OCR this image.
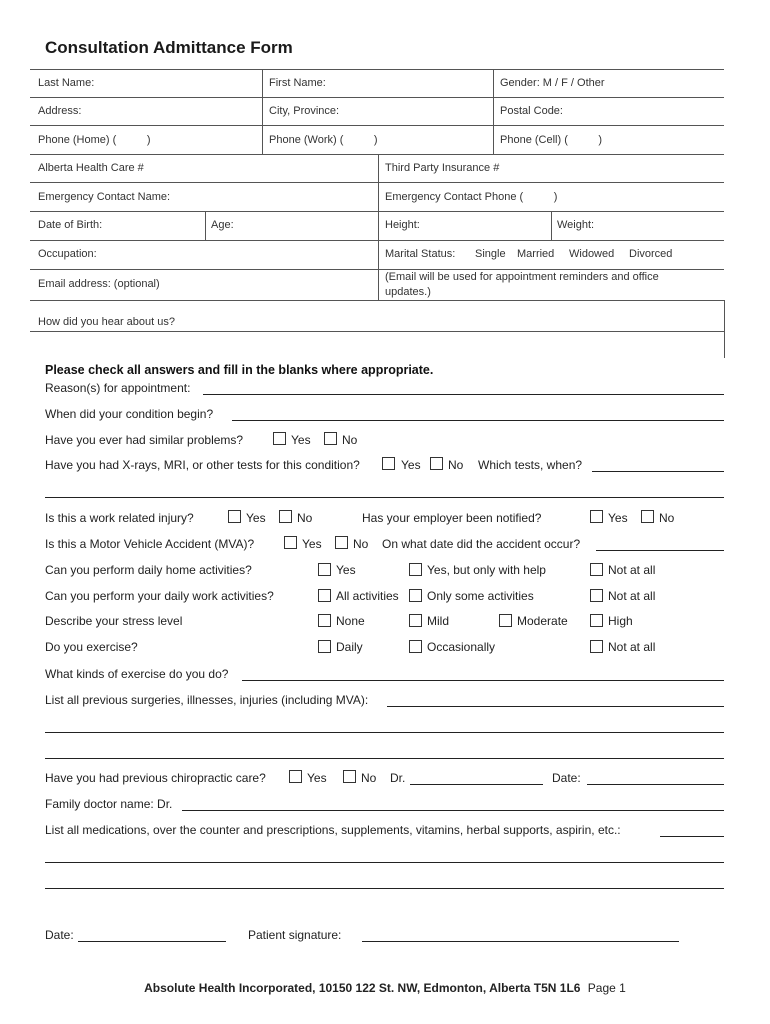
Consultation Admittance Form
Last Name:	First Name:	Gender: M / F / Other
Address:	City, Province:	Postal Code:
Phone (Home) (          )	Phone (Work) (          )	Phone (Cell) (          )
Alberta Health Care #	Third Party Insurance #
Emergency Contact Name:	Emergency Contact Phone (          )
Date of Birth:	Age:	Height:	Weight:
Occupation:	Marital Status: Single Married Widowed Divorced
Email address: (optional)
(Email will be used for appointment reminders and office updates.)
How did you hear about us?
Please check all answers and fill in the blanks where appropriate.
Reason(s) for appointment:
When did your condition begin?
Have you ever had similar problems?	Yes	No
Have you had X-rays, MRI, or other tests for this condition?	Yes No Which tests, when?
Is this a work related injury?	Yes	No	Has your employer been notified?	Yes	No
Is this a Motor Vehicle Accident (MVA)?	Yes	No On what date did the accident occur?
Can you perform daily home activities?	Yes	Yes, but only with help	Not at all
Can you perform your daily work activities?	All activities Only some activities	Not at all
Describe your stress level	None	Mild	Moderate	High
Do you exercise?	Daily	Occasionally	Not at all
What kinds of exercise do you do?
List all previous surgeries, illnesses, injuries (including MVA):
Have you had previous chiropractic care?	Yes	No Dr.	Date:
Family doctor name: Dr.
List all medications, over the counter and prescriptions, supplements, vitamins, herbal supports, aspirin, etc.:
Date:	Patient signature:
Absolute Health Incorporated, 10150 122 St. NW, Edmonton, Alberta T5N 1L6 Page 1
